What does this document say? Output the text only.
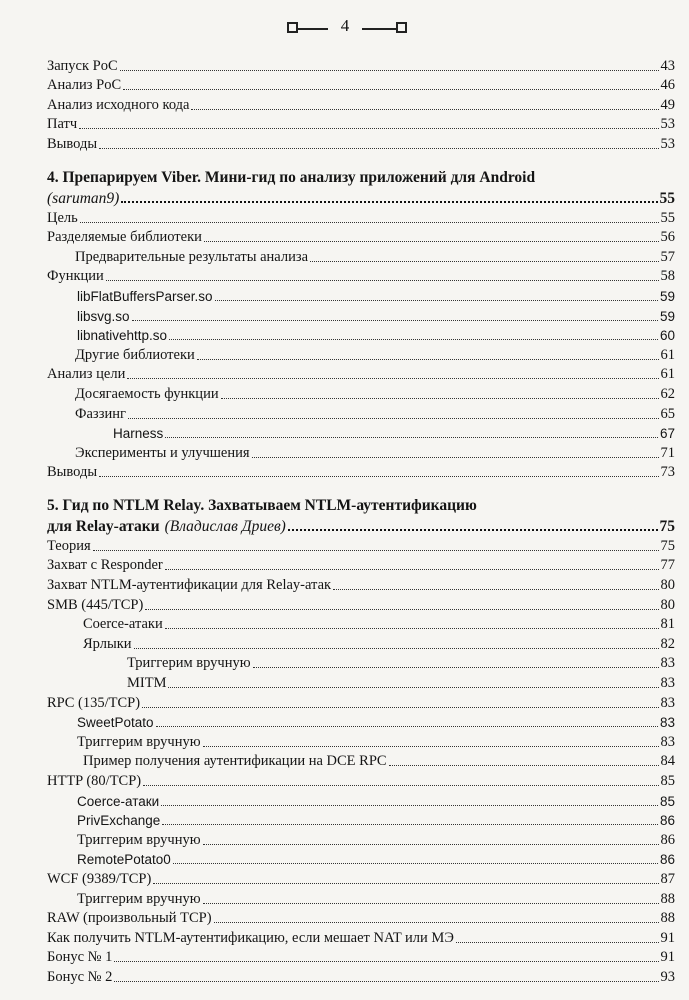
4
Запуск PoC	43
Анализ PoC	46
Анализ исходного кода	49
Патч	53
Выводы	53
4. Препарируем Viber. Мини-гид по анализу приложений для Android
(saruman9)	55
Цель	55
Разделяемые библиотеки	56
Предварительные результаты анализа	57
Функции	58
libFlatBuffersParser.so	59
libsvg.so	59
libnativehttp.so	60
Другие библиотеки	61
Анализ цели	61
Досягаемость функции	62
Фаззинг	65
Harness	67
Эксперименты и улучшения	71
Выводы	73
5. Гид по NTLM Relay. Захватываем NTLM-аутентификацию
для Relay-атаки (Владислав Дриев)	75
Теория	75
Захват с Responder	77
Захват NTLM-аутентификации для Relay-атак	80
SMB (445/TCP)	80
Coerce-атаки	81
Ярлыки	82
Триггерим вручную	83
MITM	83
RPC (135/TCP)	83
SweetPotato	83
Триггерим вручную	83
Пример получения аутентификации на DCE RPC	84
HTTP (80/TCP)	85
Coerce-атаки	85
PrivExchange	86
Триггерим вручную	86
RemotePotato0	86
WCF (9389/TCP)	87
Триггерим вручную	88
RAW (произвольный TCP)	88
Как получить NTLM-аутентификацию, если мешает NAT или МЭ	91
Бонус № 1	91
Бонус № 2	93
